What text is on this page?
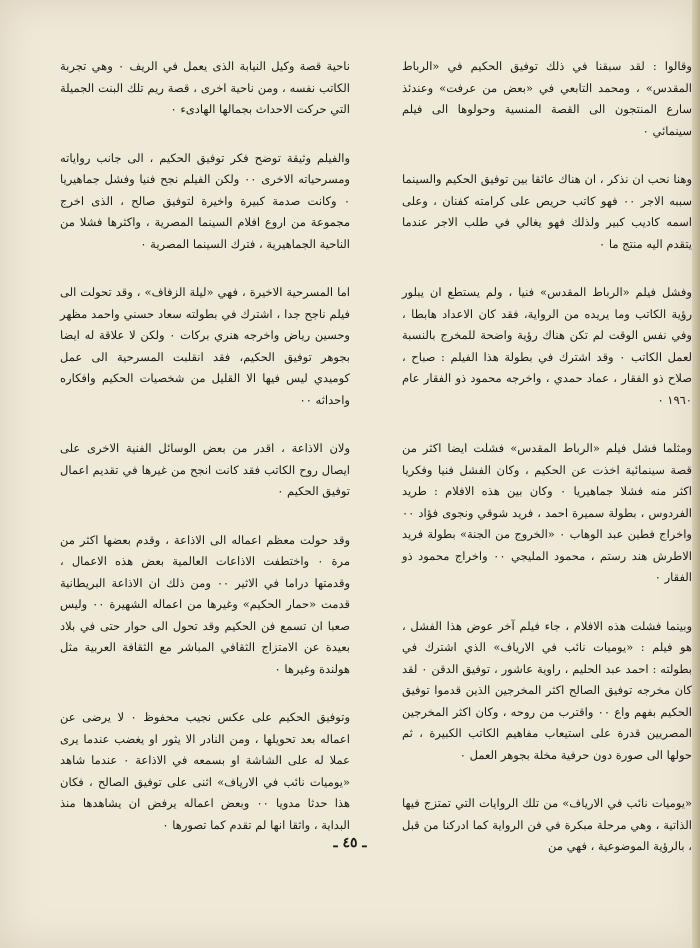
وقالوا : لقد سبقنا في ذلك توفيق الحكيم في «الرباط المقدس» ، ومحمد التابعي في «بعض من عرفت» وعندئذ سارع المنتجون الى القصة المنسية وحولوها الى فيلم سينمائي ٠

وهنا نحب ان نذكر ، ان هناك عائقا بين توفيق الحكيم والسينما سببه الاجر ٠٠ فهو كاتب حريص على كرامته كفنان ، وعلى اسمه كاديب كبير ولذلك فهو يغالي في طلب الاجر عندما يتقدم اليه منتج ما ٠

وفشل فيلم «الرباط المقدس» فنيا ، ولم يستطع ان يبلور رؤية الكاتب وما يريده من الرواية، فقد كان الاعداد هابطا ، وفي نفس الوقت لم تكن هناك رؤية واضحة للمخرج بالنسبة لعمل الكاتب ٠ وقد اشترك في بطولة هذا الفيلم : صباح ، صلاح ذو الفقار ، عماد حمدي ، واخرجه محمود ذو الفقار عام ١٩٦٠ ٠

ومثلما فشل فيلم «الرباط المقدس» فشلت ايضا اكثر من قصة سينمائية اخذت عن الحكيم ، وكان الفشل فنيا وفكريا اكثر منه فشلا جماهيريا ٠ وكان بين هذه الافلام : طريد الفردوس ، بطولة سميرة احمد ، فريد شوقي ونجوى فؤاد ٠٠ واخراج فطين عبد الوهاب ٠ «الخروج من الجنة» بطولة فريد الاطرش هند رستم ، محمود المليجي ٠٠ واخراج محمود ذو الفقار ٠

وبينما فشلت هذه الافلام ، جاء فيلم آخر عوض هذا الفشل ، هو فيلم : «يوميات نائب في الارياف» الذي اشترك في بطولته : احمد عبد الحليم ، راوية عاشور ، توفيق الدقن ٠ لقد كان مخرجه توفيق الصالح اكثر المخرجين الذين قدموا توفيق الحكيم بفهم واع ٠٠ واقترب من روحه ، وكان اكثر المخرجين المصريين قدرة على استيعاب مفاهيم الكاتب الكبيرة ، ثم حولها الى صورة دون حرفية مخلة بجوهر العمل ٠

«يوميات نائب في الارياف» من تلك الروايات التي تمتزج فيها الذاتية ، وهي مرحلة مبكرة في فن الرواية كما ادركنا من قبل ، بالرؤية الموضوعية ، فهي من

ناحية قصة وكيل النيابة الذى يعمل في الريف ٠ وهي تجربة الكاتب نفسه ، ومن ناحية اخرى ، قصة ريم تلك البنت الجميلة التي حركت الاحداث بجمالها الهادىء ٠

والفيلم وثيقة توضح فكر توفيق الحكيم ، الى جانب رواياته ومسرحياته الاخرى ٠٠ ولكن الفيلم نجح فنيا وفشل جماهيريا ٠ وكانت صدمة كبيرة واخيرة لتوفيق صالح ، الذى اخرج مجموعة من اروع افلام السينما المصرية ، واكثرها فشلا من الناحية الجماهيرية ، فترك السينما المصرية ٠

اما المسرحية الاخيرة ، فهي «ليلة الزفاف» ، وقد تحولت الى فيلم ناجح جدا ، اشترك في بطولته سعاد حسني واحمد مظهر وحسين رياض واخرجه هنري بركات ٠ ولكن لا علاقة له ايضا بجوهر توفيق الحكيم، فقد انقلبت المسرحية الى عمل كوميدي ليس فيها الا القليل من شخصيات الحكيم وافكاره واحداثه ٠٠

ولان الاذاعة ، اقدر من بعض الوسائل الفنية الاخرى على ايصال روح الكاتب فقد كانت انجح من غيرها في تقديم اعمال توفيق الحكيم ٠

وقد حولت معظم اعماله الى الاذاعة ، وقدم بعضها اكثر من مرة ٠ واختطفت الاذاعات العالمية بعض هذه الاعمال ، وقدمتها دراما في الاثير ٠٠ ومن ذلك ان الاذاعة البريطانية قدمت «حمار الحكيم» وغيرها من اعماله الشهيرة ٠٠ وليس صعبا ان تسمع فن الحكيم وقد تحول الى حوار حتى في بلاد بعيدة عن الامتزاج الثقافي المباشر مع الثقافة العربية مثل هولندة وغيرها ٠

وتوفيق الحكيم على عكس نجيب محفوظ ٠ لا يرضى عن اعماله بعد تحويلها ، ومن النادر الا يثور او يغضب عندما يرى عملا له على الشاشة او بسمعه في الاذاعة ٠ عندما شاهد «يوميات نائب في الارياف» اثنى على توفيق الصالح ، فكان هذا حدثا مدويا ٠٠ وبعض اعماله يرفض ان يشاهدها منذ البداية ، واثقا انها لم تقدم كما تصورها ٠

ـ ٤٥ ـ
